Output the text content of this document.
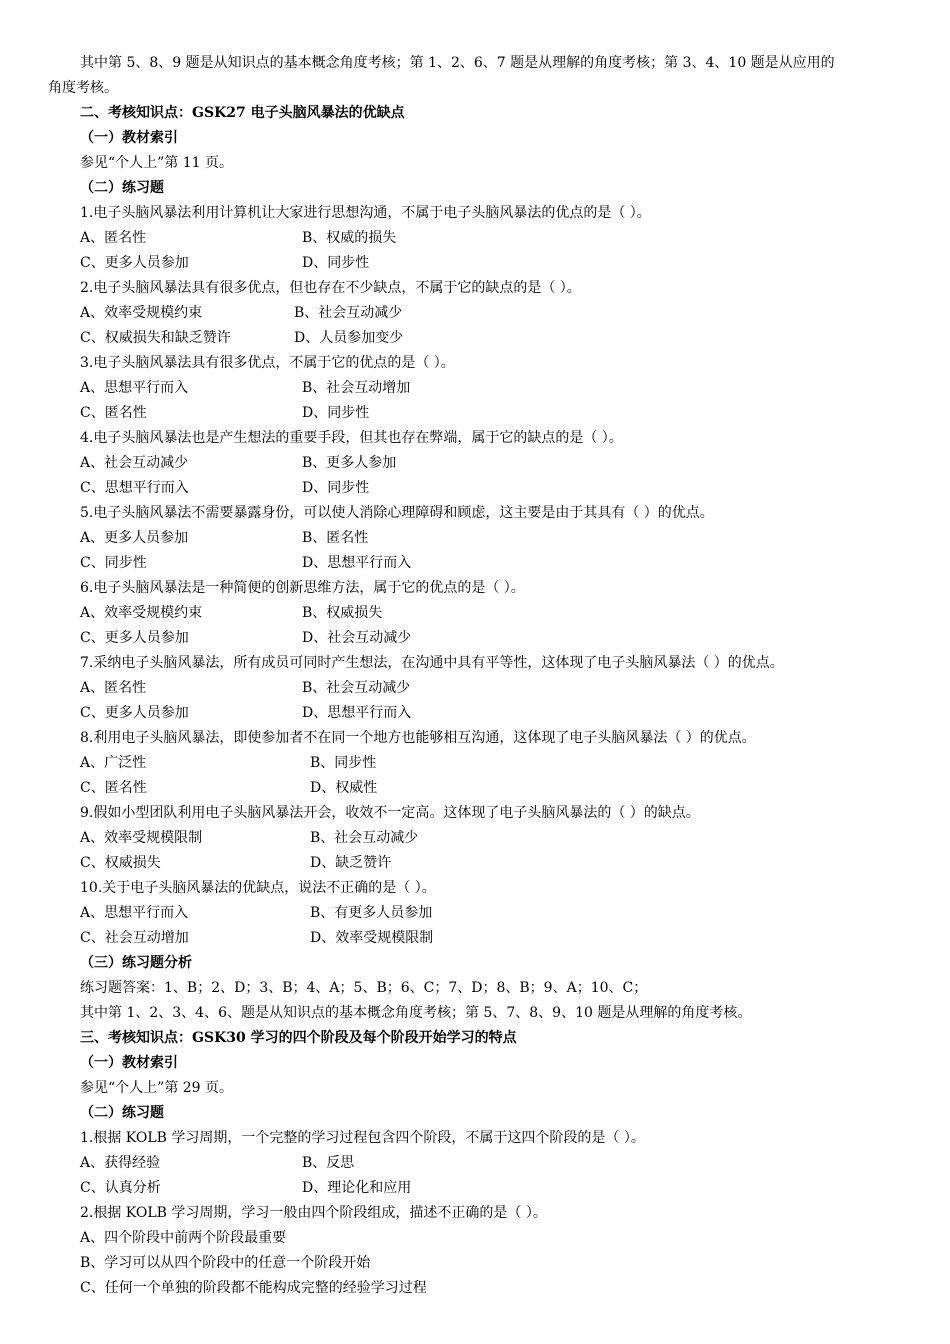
其中第 5、8、9 题是从知识点的基本概念角度考核；第 1、2、6、7 题是从理解的角度考核；第 3、4、10 题是从应用的
角度考核。
二、考核知识点：GSK27 电子头脑风暴法的优缺点
（一）教材索引
参见“个人上”第 11 页。
（二）练习题
1.电子头脑风暴法利用计算机让大家进行思想沟通，不属于电子头脑风暴法的优点的是（ ）。
A、匿名性	B、权威的损失
C、更多人员参加	D、同步性
2.电子头脑风暴法具有很多优点，但也存在不少缺点，不属于它的缺点的是（ ）。
A、效率受规模约束	B、社会互动减少
C、权威损失和缺乏赞许	D、人员参加变少
3.电子头脑风暴法具有很多优点，不属于它的优点的是（ ）。
A、思想平行而入	B、社会互动增加
C、匿名性	D、同步性
4.电子头脑风暴法也是产生想法的重要手段，但其也存在弊端，属于它的缺点的是（ ）。
A、社会互动减少	B、更多人参加
C、思想平行而入	D、同步性
5.电子头脑风暴法不需要暴露身份，可以使人消除心理障碍和顾虑，这主要是由于其具有（ ）的优点。
A、更多人员参加	B、匿名性
C、同步性	D、思想平行而入
6.电子头脑风暴法是一种简便的创新思维方法，属于它的优点的是（ ）。
A、效率受规模约束	B、权威损失
C、更多人员参加	D、社会互动减少
7.采纳电子头脑风暴法，所有成员可同时产生想法，在沟通中具有平等性，这体现了电子头脑风暴法（ ）的优点。
A、匿名性	B、社会互动减少
C、更多人员参加	D、思想平行而入
8.利用电子头脑风暴法，即使参加者不在同一个地方也能够相互沟通，这体现了电子头脑风暴法（ ）的优点。
A、广泛性	B、同步性
C、匿名性	D、权威性
9.假如小型团队利用电子头脑风暴法开会，收效不一定高。这体现了电子头脑风暴法的（ ）的缺点。
A、效率受规模限制	B、社会互动减少
C、权威损失	D、缺乏赞许
10.关于电子头脑风暴法的优缺点，说法不正确的是（ ）。
A、思想平行而入	B、有更多人员参加
C、社会互动增加	D、效率受规模限制
（三）练习题分析
练习题答案：1、B；2、D；3、B；4、A；5、B；6、C；7、D；8、B；9、A；10、C；
其中第 1、2、3、4、6、题是从知识点的基本概念角度考核；第 5、7、8、9、10 题是从理解的角度考核。
三、考核知识点：GSK30 学习的四个阶段及每个阶段开始学习的特点
（一）教材索引
参见“个人上”第 29 页。
（二）练习题
1.根据 KOLB 学习周期，一个完整的学习过程包含四个阶段，不属于这四个阶段的是（ ）。
A、获得经验	B、反思
C、认真分析	D、理论化和应用
2.根据 KOLB 学习周期，学习一般由四个阶段组成，描述不正确的是（ ）。
A、四个阶段中前两个阶段最重要
B、学习可以从四个阶段中的任意一个阶段开始
C、任何一个单独的阶段都不能构成完整的经验学习过程
